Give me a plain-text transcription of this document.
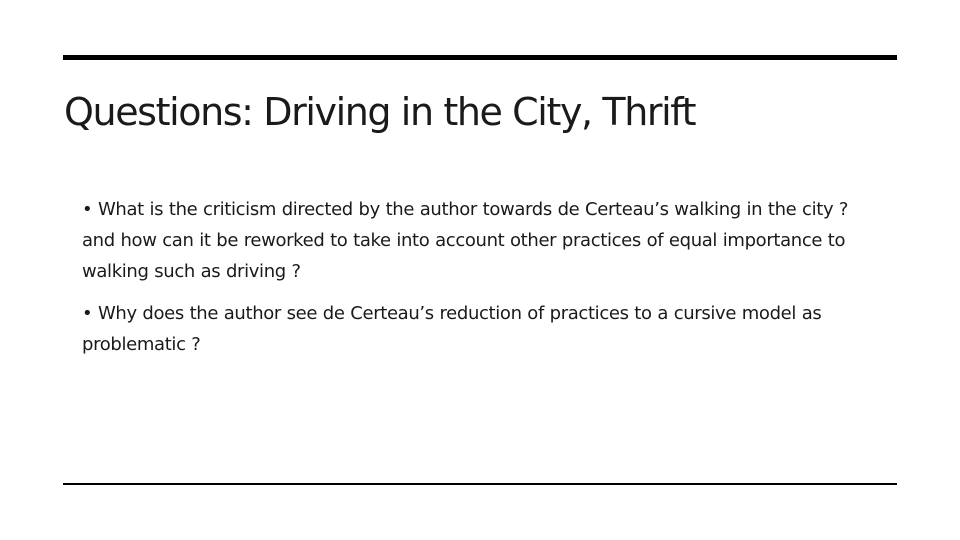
Questions: Driving in the City, Thrift
• What is the criticism directed by the author towards de Certeau’s walking in the city ? and how can it be reworked to take into account other practices of equal importance to walking such as driving ?
• Why does the author see de Certeau’s reduction of practices to a cursive model as problematic ?
